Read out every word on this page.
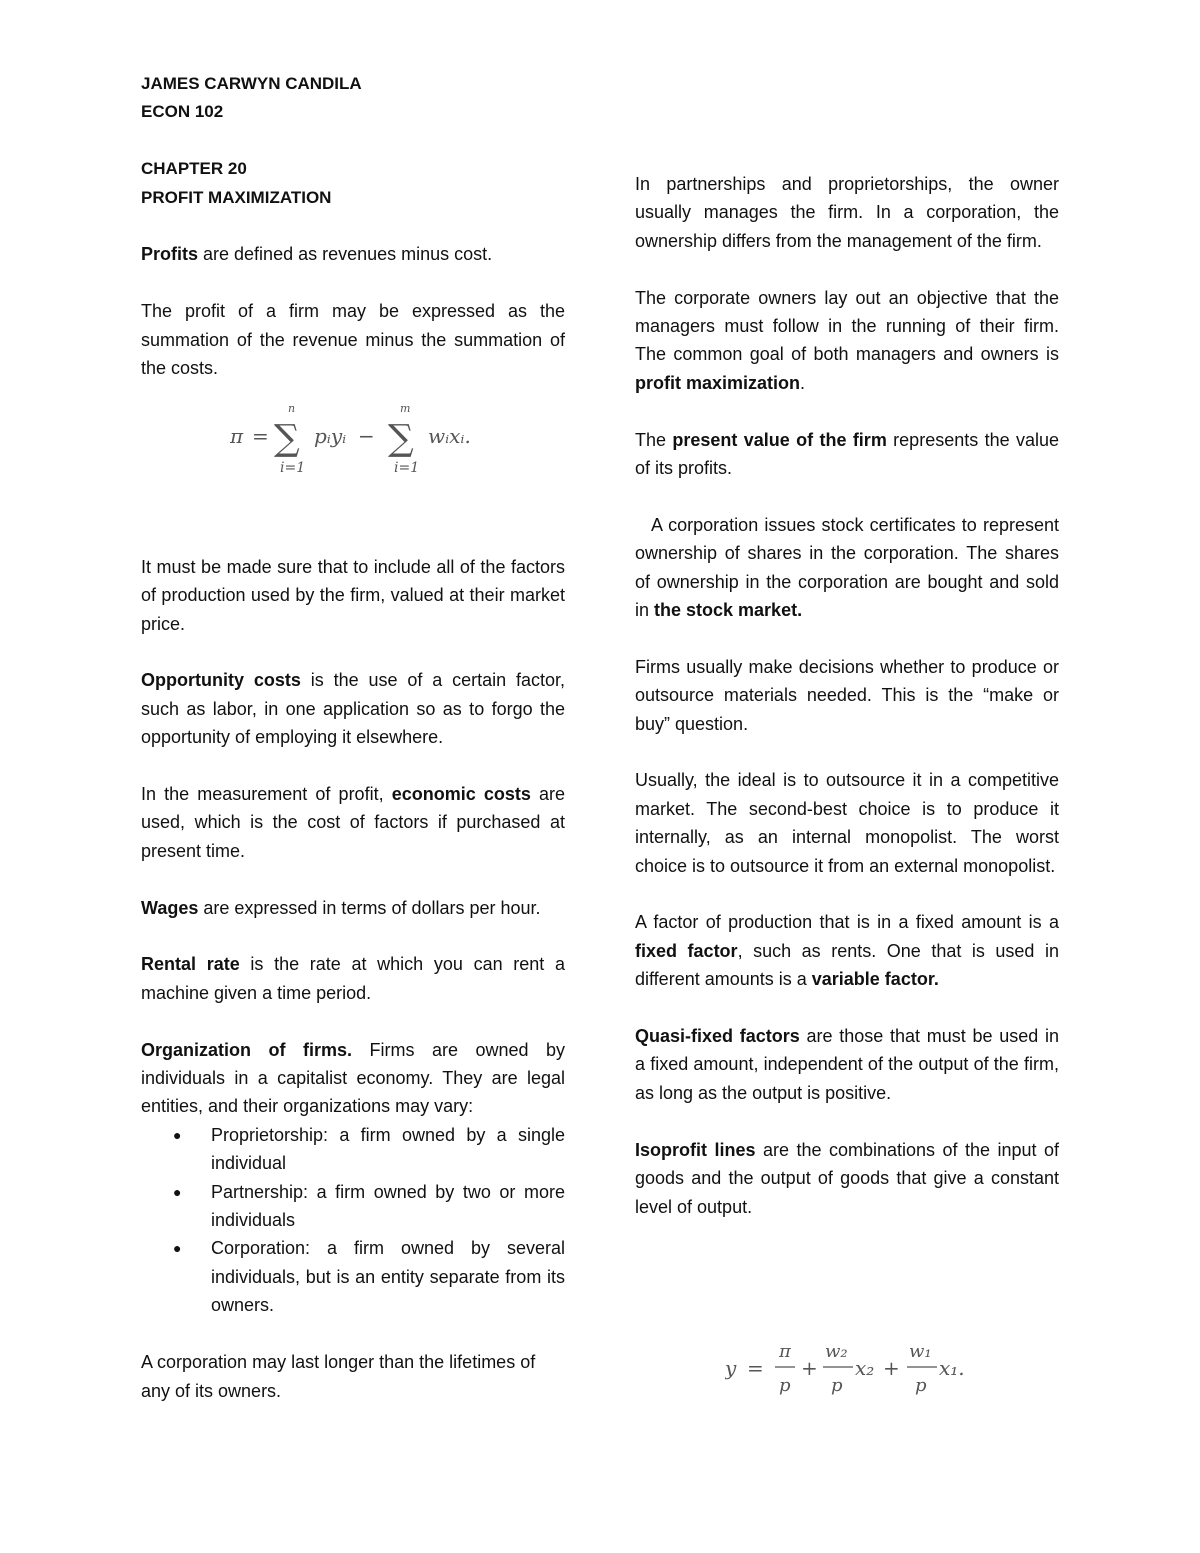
JAMES CARWYN CANDILA
ECON 102
CHAPTER 20
PROFIT MAXIMIZATION

Profits are defined as revenues minus cost.

The profit of a firm may be expressed as the summation of the revenue minus the summation of the costs.

It must be made sure that to include all of the factors of production used by the firm, valued at their market price.

Opportunity costs is the use of a certain factor, such as labor, in one application so as to forgo the opportunity of employing it elsewhere.

In the measurement of profit, economic costs are used, which is the cost of factors if purchased at present time.

Wages are expressed in terms of dollars per hour.

Rental rate is the rate at which you can rent a machine given a time period.

Organization of firms. Firms are owned by individuals in a capitalist economy. They are legal entities, and their organizations may vary:

● Proprietorship: a firm owned by a single individual
● Partnership: a firm owned by two or more individuals
● Corporation: a firm owned by several individuals, but is an entity separate from its owners.

A corporation may last longer than the lifetimes of any of its owners.

π =
n
∑
i=1
pᵢyᵢ −
m
∑
i=1
wᵢxᵢ.

In partnerships and proprietorships, the owner usually manages the firm. In a corporation, the ownership differs from the management of the firm.

The corporate owners lay out an objective that the managers must follow in the running of their firm. The common goal of both managers and owners is profit maximization.

The present value of the firm represents the value of its profits.

A corporation issues stock certificates to represent ownership of shares in the corporation. The shares of ownership in the corporation are bought and sold in the stock market.

Firms usually make decisions whether to produce or outsource materials needed. This is the “make or buy” question.

Usually, the ideal is to outsource it in a competitive market. The second-best choice is to produce it internally, as an internal monopolist. The worst choice is to outsource it from an external monopolist.

A factor of production that is in a fixed amount is a fixed factor, such as rents. One that is used in different amounts is a variable factor.

Quasi-fixed factors are those that must be used in a fixed amount, independent of the output of the firm, as long as the output is positive.

Isoprofit lines are the combinations of the input of goods and the output of goods that give a constant level of output.

y =
π
p
+
w₂
p
x₂ +
w₁
p
x₁.
